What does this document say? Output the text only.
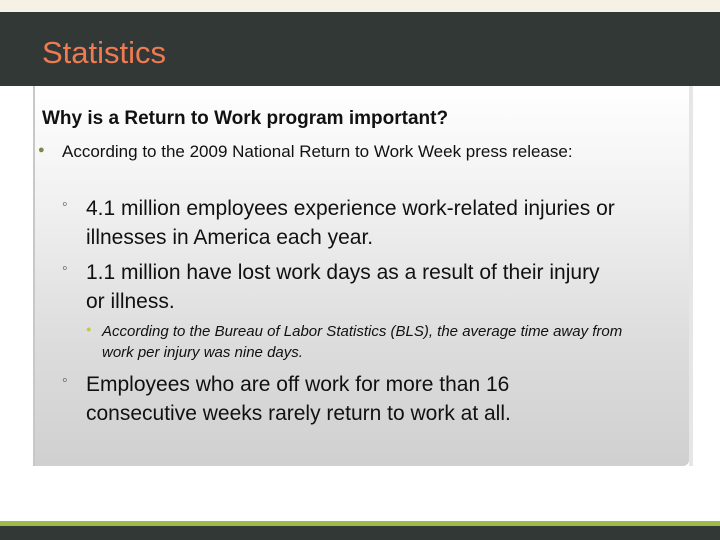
Statistics
Why is a Return to Work program important?
● According to the 2009 National Return to Work Week press release:
◦ 4.1 million employees experience work-related injuries or illnesses in America each year.
◦ 1.1 million have lost work days as a result of their injury or illness.
● According to the Bureau of Labor Statistics (BLS), the average time away from work per injury was nine days.
◦ Employees who are off work for more than 16 consecutive weeks rarely return to work at all.
